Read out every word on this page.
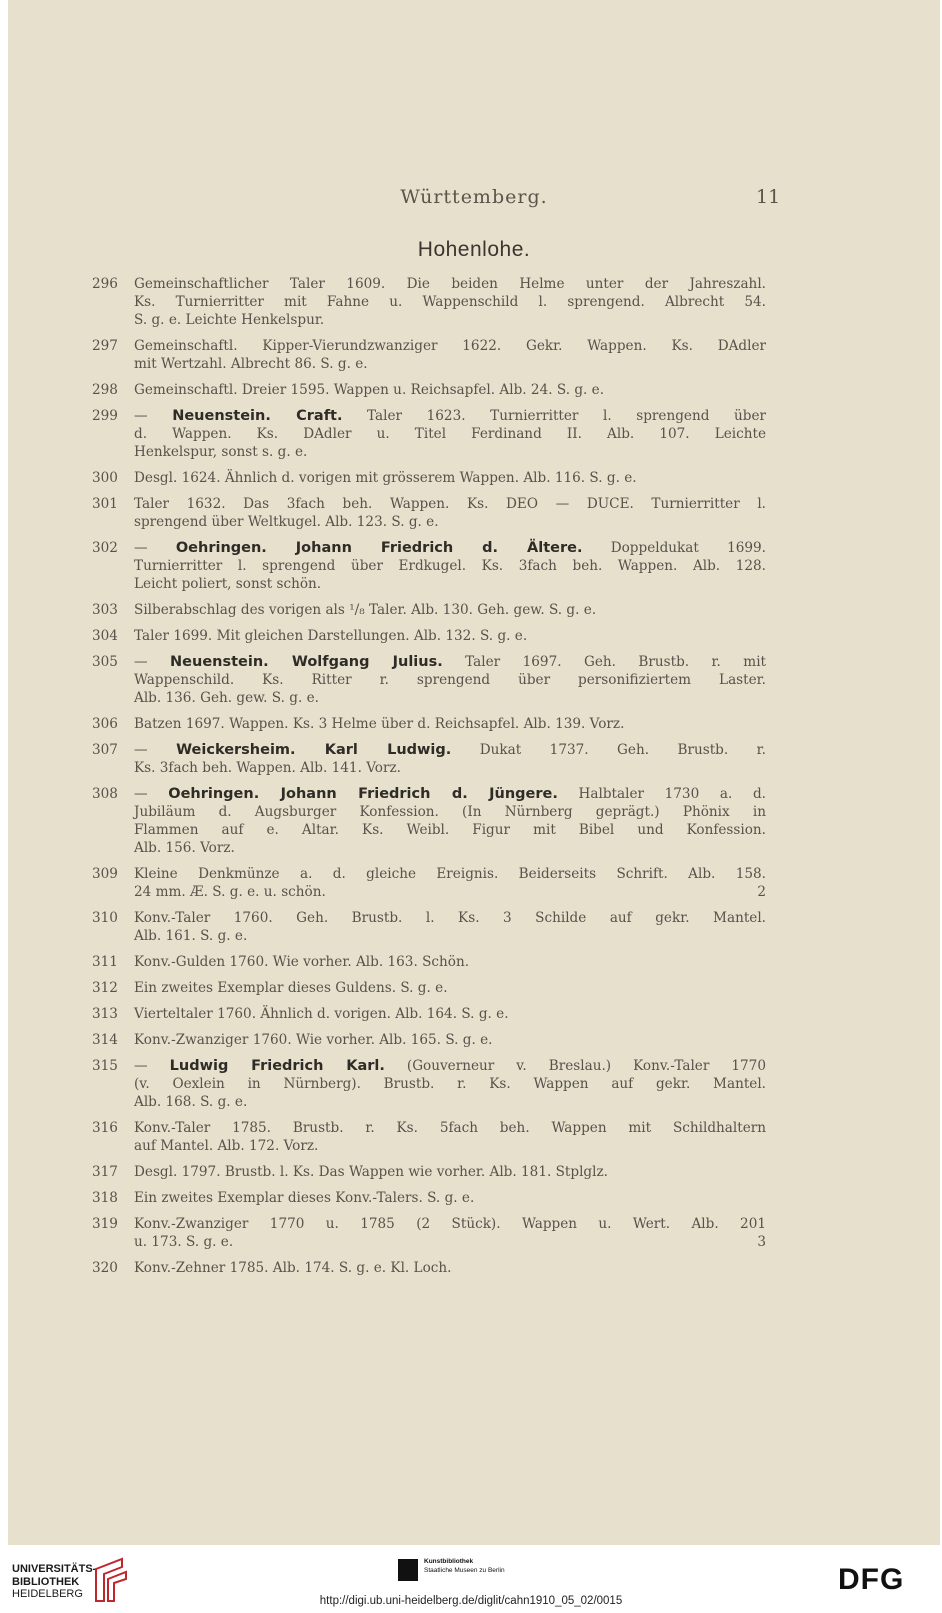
Württemberg.	11
Hohenlohe.
296 Gemeinschaftlicher Taler 1609. Die beiden Helme unter der Jahreszahl.
Ks. Turnierritter mit Fahne u. Wappenschild l. sprengend. Albrecht 54.
S. g. e. Leichte Henkelspur.
297 Gemeinschaftl. Kipper-Vierundzwanziger 1622. Gekr. Wappen. Ks. DAdler
mit Wertzahl. Albrecht 86. S. g. e.
298 Gemeinschaftl. Dreier 1595. Wappen u. Reichsapfel. Alb. 24. S. g. e.
299 — Neuenstein. Craft. Taler 1623. Turnierritter l. sprengend über
d. Wappen. Ks. DAdler u. Titel Ferdinand II. Alb. 107. Leichte
Henkelspur, sonst s. g. e.
300 Desgl. 1624. Ähnlich d. vorigen mit grösserem Wappen. Alb. 116. S. g. e.
301 Taler 1632. Das 3fach beh. Wappen. Ks. DEO — DUCE. Turnierritter l.
sprengend über Weltkugel. Alb. 123. S. g. e.
302 — Oehringen. Johann Friedrich d. Ältere. Doppeldukat 1699.
Turnierritter l. sprengend über Erdkugel. Ks. 3fach beh. Wappen. Alb. 128.
Leicht poliert, sonst schön.
303 Silberabschlag des vorigen als ¹/₈ Taler. Alb. 130. Geh. gew. S. g. e.
304 Taler 1699. Mit gleichen Darstellungen. Alb. 132. S. g. e.
305 — Neuenstein. Wolfgang Julius. Taler 1697. Geh. Brustb. r. mit
Wappenschild. Ks. Ritter r. sprengend über personifiziertem Laster.
Alb. 136. Geh. gew. S. g. e.
306 Batzen 1697. Wappen. Ks. 3 Helme über d. Reichsapfel. Alb. 139. Vorz.
307 — Weickersheim. Karl Ludwig. Dukat 1737. Geh. Brustb. r.
Ks. 3fach beh. Wappen. Alb. 141. Vorz.
308 — Oehringen. Johann Friedrich d. Jüngere. Halbtaler 1730 a. d.
Jubiläum d. Augsburger Konfession. (In Nürnberg geprägt.) Phönix in
Flammen auf e. Altar. Ks. Weibl. Figur mit Bibel und Konfession.
Alb. 156. Vorz.
309 Kleine Denkmünze a. d. gleiche Ereignis. Beiderseits Schrift. Alb. 158.
24 mm. Æ. S. g. e. u. schön.	2
310 Konv.-Taler 1760. Geh. Brustb. l. Ks. 3 Schilde auf gekr. Mantel.
Alb. 161. S. g. e.
311 Konv.-Gulden 1760. Wie vorher. Alb. 163. Schön.
312 Ein zweites Exemplar dieses Guldens. S. g. e.
313 Vierteltaler 1760. Ähnlich d. vorigen. Alb. 164. S. g. e.
314 Konv.-Zwanziger 1760. Wie vorher. Alb. 165. S. g. e.
315 — Ludwig Friedrich Karl. (Gouverneur v. Breslau.) Konv.-Taler 1770
(v. Oexlein in Nürnberg). Brustb. r. Ks. Wappen auf gekr. Mantel.
Alb. 168. S. g. e.
316 Konv.-Taler 1785. Brustb. r. Ks. 5fach beh. Wappen mit Schildhaltern
auf Mantel. Alb. 172. Vorz.
317 Desgl. 1797. Brustb. l. Ks. Das Wappen wie vorher. Alb. 181. Stplglz.
318 Ein zweites Exemplar dieses Konv.-Talers. S. g. e.
319 Konv.-Zwanziger 1770 u. 1785 (2 Stück). Wappen u. Wert. Alb. 201
u. 173. S. g. e.	3
320 Konv.-Zehner 1785. Alb. 174. S. g. e. Kl. Loch.
UNIVERSITÄTS-
BIBLIOTHEK
HEIDELBERG
Kunstbibliothek
Staatliche Museen zu Berlin	DFG
http://digi.ub.uni-heidelberg.de/diglit/cahn1910_05_02/0015
